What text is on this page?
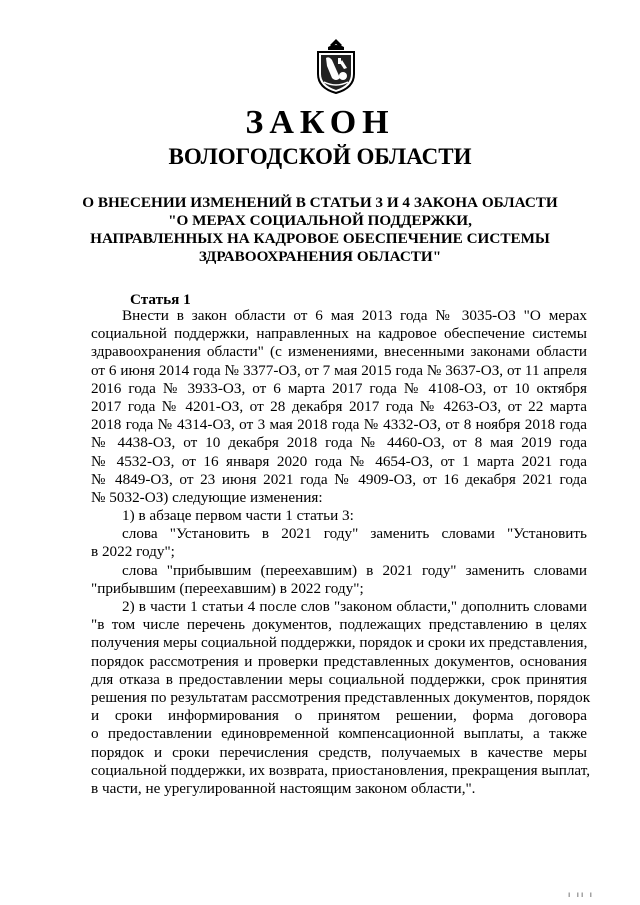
ЗАКОН
ВОЛОГОДСКОЙ ОБЛАСТИ
О ВНЕСЕНИИ ИЗМЕНЕНИЙ В СТАТЬИ 3 И 4 ЗАКОНА ОБЛАСТИ
"О МЕРАХ СОЦИАЛЬНОЙ ПОДДЕРЖКИ,
НАПРАВЛЕННЫХ НА КАДРОВОЕ ОБЕСПЕЧЕНИЕ СИСТЕМЫ
ЗДРАВООХРАНЕНИЯ ОБЛАСТИ"
Статья 1
Внести в закон области от 6 мая 2013 года № 3035-ОЗ "О мерах
социальной поддержки, направленных на кадровое обеспечение системы
здравоохранения области" (с изменениями, внесенными законами области
от 6 июня 2014 года № 3377-ОЗ, от 7 мая 2015 года № 3637-ОЗ, от 11 апреля
2016 года № 3933-ОЗ, от 6 марта 2017 года № 4108-ОЗ, от 10 октября
2017 года № 4201-ОЗ, от 28 декабря 2017 года № 4263-ОЗ, от 22 марта
2018 года № 4314-ОЗ, от 3 мая 2018 года № 4332-ОЗ, от 8 ноября 2018 года
№ 4438-ОЗ, от 10 декабря 2018 года № 4460-ОЗ, от 8 мая 2019 года
№ 4532-ОЗ, от 16 января 2020 года № 4654-ОЗ, от 1 марта 2021 года
№ 4849-ОЗ, от 23 июня 2021 года № 4909-ОЗ, от 16 декабря 2021 года
№ 5032-ОЗ) следующие изменения:
1) в абзаце первом части 1 статьи 3:
слова "Установить в 2021 году" заменить словами "Установить
в 2022 году";
слова "прибывшим (переехавшим) в 2021 году" заменить словами
"прибывшим (переехавшим) в 2022 году";
2) в части 1 статьи 4 после слов "законом области," дополнить словами
"в том числе перечень документов, подлежащих представлению в целях
получения меры социальной поддержки, порядок и сроки их представления,
порядок рассмотрения и проверки представленных документов, основания
для отказа в предоставлении меры социальной поддержки, срок принятия
решения по результатам рассмотрения представленных документов, порядок
и сроки информирования о принятом решении, форма договора
о предоставлении единовременной компенсационной выплаты, а также
порядок и сроки перечисления средств, получаемых в качестве меры
социальной поддержки, их возврата, приостановления, прекращения выплат,
в части, не урегулированной настоящим законом области,".
ı ıı ı
